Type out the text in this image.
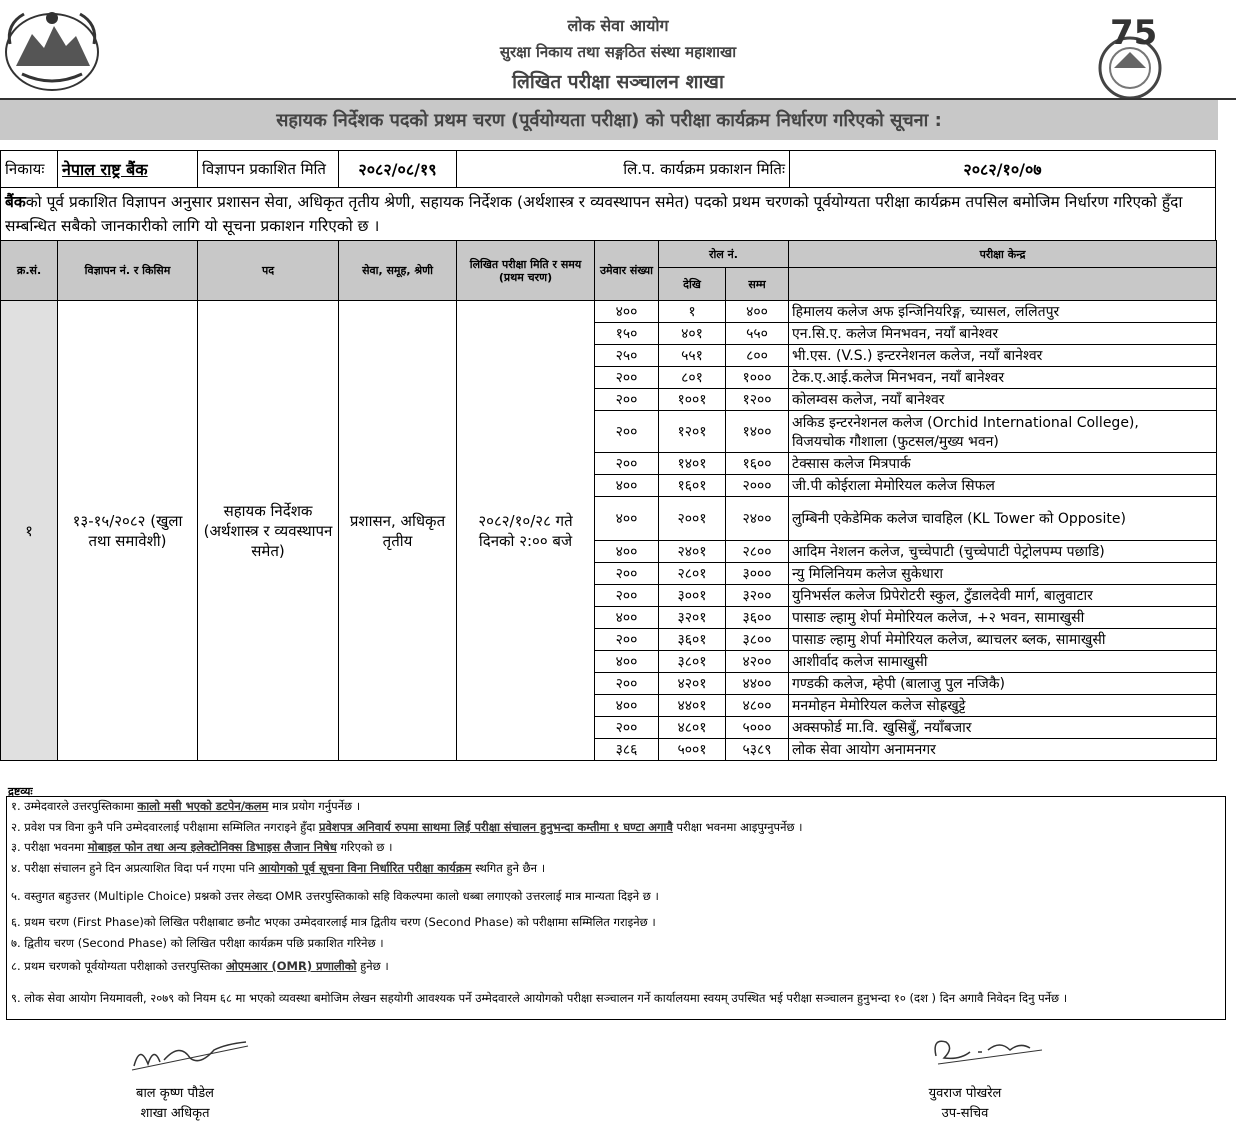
75
लोक सेवा आयोग
सुरक्षा निकाय तथा सङ्गठित संस्था महाशाखा
लिखित परीक्षा सञ्चालन शाखा
सहायक निर्देशक पदको प्रथम चरण (पूर्वयोग्यता परीक्षा) को परीक्षा कार्यक्रम निर्धारण गरिएको सूचना :
निकायः	नेपाल राष्ट्र बैंक	विज्ञापन प्रकाशित मिति	२०८२/०८/१९	लि.प. कार्यक्रम प्रकाशन मितिः	२०८२/१०/०७
बैंकको पूर्व प्रकाशित विज्ञापन अनुसार प्रशासन सेवा, अधिकृत तृतीय श्रेणी, सहायक निर्देशक (अर्थशास्त्र र व्यवस्थापन समेत) पदको प्रथम चरणको पूर्वयोग्यता परीक्षा कार्यक्रम तपसिल बमोजिम निर्धारण गरिएको हुँदा सम्बन्धित सबैको जानकारीको लागि यो सूचना प्रकाशन गरिएको छ ।
क्र.सं.	विज्ञापन नं. र किसिम	पद	सेवा, समूह, श्रेणी	लिखित परीक्षा मिति र समय (प्रथम चरण)	उमेवार संख्या	रोल नं.		परीक्षा केन्द्र
						देखि	सम्म	
१	१३-१५/२०८२ (खुला तथा समावेशी)	सहायक निर्देशक (अर्थशास्त्र र व्यवस्थापन समेत)	प्रशासन, अधिकृत तृतीय	२०८२/१०/२८ गते दिनको २:०० बजे	४००	१	४००	हिमालय कलेज अफ इन्जिनियरिङ्ग, च्यासल, ललितपुर

					१५०	४०१	५५०	एन.सि.ए. कलेज मिनभवन, नयाँ बानेश्वर

					२५०	५५१	८००	भी.एस. (V.S.) इन्टरनेशनल कलेज, नयाँ बानेश्वर

					२००	८०१	१०००	टेक.ए.आई.कलेज मिनभवन, नयाँ बानेश्वर

					२००	१००१	१२००	कोलम्वस कलेज, नयाँ बानेश्वर

					२००	१२०१	१४००	अकिड इन्टरनेशनल कलेज (Orchid International College),
विजयचोक गौशाला (फुटसल/मुख्य भवन)

					२००	१४०१	१६००	टेक्सास कलेज मित्रपार्क

					४००	१६०१	२०००	जी.पी कोईराला मेमोरियल कलेज सिफल

					४००	२००१	२४००	लुम्बिनी एकेडेमिक कलेज चावहिल (KL Tower को Opposite)

					४००	२४०१	२८००	आदिम नेशलन कलेज, चुच्चेपाटी (चुच्चेपाटी पेट्रोलपम्प पछाडि)

					२००	२८०१	३०००	न्यु मिलिनियम कलेज सुकेधारा

					२००	३००१	३२००	युनिभर्सल कलेज प्रिपेरोटरी स्कुल, टुँडालदेवी मार्ग, बालुवाटार

					४००	३२०१	३६००	पासाङ ल्हामु शेर्पा मेमोरियल कलेज, +२ भवन, सामाखुसी

					२००	३६०१	३८००	पासाङ ल्हामु शेर्पा मेमोरियल कलेज, ब्याचलर ब्लक, सामाखुसी

					४००	३८०१	४२००	आशीर्वाद कलेज सामाखुसी

					२००	४२०१	४४००	गण्डकी कलेज, म्हेपी (बालाजु पुल नजिकै)

					४००	४४०१	४८००	मनमोहन मेमोरियल कलेज सोह्रखुट्टे

					२००	४८०१	५०००	अक्सफोर्ड मा.वि. खुसिबुँ, नयाँबजार

					३८६	५००१	५३८९	लोक सेवा आयोग अनामनगर
द्रष्टव्यः
१. उम्मेदवारले उत्तरपुस्तिकामा कालो मसी भएको डटपेन/कलम मात्र प्रयोग गर्नुपर्नेछ ।
२. प्रवेश पत्र विना कुनै पनि उम्मेदवारलाई परीक्षामा सम्मिलित नगराइने हुँदा प्रवेशपत्र अनिवार्य रुपमा साथमा लिई परीक्षा संचालन हुनुभन्दा कम्तीमा १ घण्टा अगावै परीक्षा भवनमा आइपुग्नुपर्नेछ ।
३. परीक्षा भवनमा मोबाइल फोन तथा अन्य इलेक्टोनिक्स डिभाइस लैजान निषेध गरिएको छ ।
४. परीक्षा संचालन हुने दिन अप्रत्याशित विदा पर्न गएमा पनि आयोगको पूर्व सूचना विना निर्धारित परीक्षा कार्यक्रम स्थगित हुने छैन ।
५. वस्तुगत बहुउत्तर (Multiple Choice) प्रश्नको उत्तर लेख्दा OMR उत्तरपुस्तिकाको सहि विकल्पमा कालो धब्बा लगाएको उत्तरलाई मात्र मान्यता दिइने छ ।
६. प्रथम चरण (First Phase)को लिखित परीक्षाबाट छनौट भएका उम्मेदवारलाई मात्र द्वितीय चरण (Second Phase) को परीक्षामा सम्मिलित गराइनेछ ।
७. द्वितीय चरण (Second Phase) को लिखित परीक्षा कार्यक्रम पछि प्रकाशित गरिनेछ ।
८. प्रथम चरणको पूर्वयोग्यता परीक्षाको उत्तरपुस्तिका ओएमआर (OMR) प्रणालीको हुनेछ ।
९. लोक सेवा आयोग नियमावली, २०७९ को नियम ६८ मा भएको व्यवस्था बमोजिम लेखन सहयोगी आवश्यक पर्ने उम्मेदवारले आयोगको परीक्षा सञ्चालन गर्ने कार्यालयमा स्वयम् उपस्थित भई परीक्षा सञ्चालन हुनुभन्दा १० (दश ) दिन अगावै निवेदन दिनु पर्नेछ ।
बाल कृष्ण पौडेल
शाखा अधिकृत
युवराज पोखरेल
उप-सचिव
